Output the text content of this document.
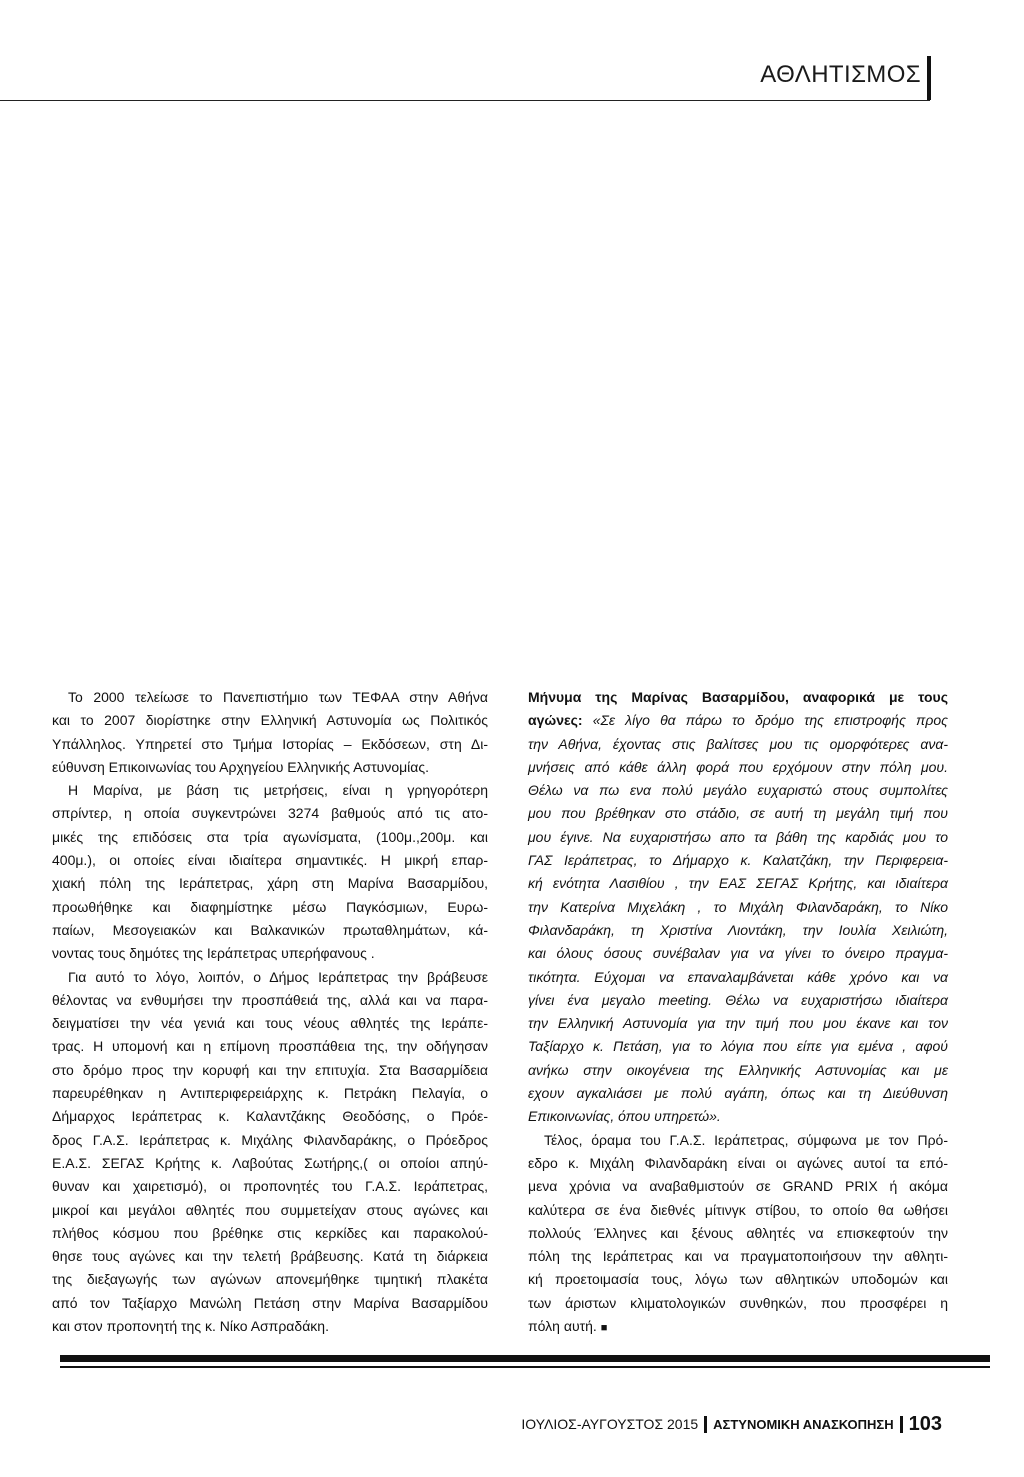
ΑΘΛΗΤΙΣΜΟΣ
Το 2000 τελείωσε το Πανεπιστήμιο των ΤΕΦΑΑ στην Αθήνα
και το 2007 διορίστηκε στην Ελληνική Αστυνομία ως Πολιτικός
Υπάλληλος. Υπηρετεί στο Τμήμα Ιστορίας – Εκδόσεων, στη Δι-
εύθυνση Επικοινωνίας του Αρχηγείου Ελληνικής Αστυνομίας.
Η Μαρίνα, με βάση τις μετρήσεις, είναι η γρηγορότερη
σπρίντερ, η οποία συγκεντρώνει 3274 βαθμούς από τις ατο-
μικές της επιδόσεις στα τρία αγωνίσματα, (100μ.,200μ. και
400μ.), οι οποίες είναι ιδιαίτερα σημαντικές. Η μικρή επαρ-
χιακή πόλη της Ιεράπετρας, χάρη στη Μαρίνα Βασαρμίδου,
προωθήθηκε και διαφημίστηκε μέσω Παγκόσμιων, Ευρω-
παίων, Μεσογειακών και Βαλκανικών πρωταθλημάτων, κά-
νοντας τους δημότες της Ιεράπετρας υπερήφανους .
Για αυτό το λόγο, λοιπόν, ο Δήμος Ιεράπετρας την βράβευσε
θέλοντας να ενθυμήσει την προσπάθειά της, αλλά και να παρα-
δειγματίσει την νέα γενιά και τους νέους αθλητές της Ιεράπε-
τρας. Η υπομονή και η επίμονη προσπάθεια της, την οδήγησαν
στο δρόμο προς την κορυφή και την επιτυχία. Στα Βασαρμίδεια
παρευρέθηκαν η Αντιπεριφερειάρχης κ. Πετράκη Πελαγία, ο
Δήμαρχος Ιεράπετρας κ. Καλαντζάκης Θεοδόσης, ο Πρόε-
δρος Γ.Α.Σ. Ιεράπετρας κ. Μιχάλης Φιλανδαράκης, ο Πρόεδρος
Ε.Α.Σ. ΣΕΓΑΣ Κρήτης κ. Λαβούτας Σωτήρης,( οι οποίοι απηύ-
θυναν και χαιρετισμό), οι προπονητές του Γ.Α.Σ. Ιεράπετρας,
μικροί και μεγάλοι αθλητές που συμμετείχαν στους αγώνες και
πλήθος κόσμου που βρέθηκε στις κερκίδες και παρακολού-
θησε τους αγώνες και την τελετή βράβευσης. Κατά τη διάρκεια
της διεξαγωγής των αγώνων απονεμήθηκε τιμητική πλακέτα
από τον Ταξίαρχο Μανώλη Πετάση στην Μαρίνα Βασαρμίδου
και στον προπονητή της κ. Νίκο Ασπραδάκη.
Μήνυμα της Μαρίνας Βασαρμίδου, αναφορικά με τους
αγώνες: «Σε λίγο θα πάρω το δρόμο της επιστροφής προς
την Αθήνα, έχοντας στις βαλίτσες μου τις ομορφότερες ανα-
μνήσεις από κάθε άλλη φορά που ερχόμουν στην πόλη μου.
Θέλω να πω ενα πολύ μεγάλο ευχαριστώ στους συμπολίτες
μου που βρέθηκαν στο στάδιο, σε αυτή τη μεγάλη τιμή που
μου έγινε. Να ευχαριστήσω απο τα βάθη της καρδιάς μου το
ΓΑΣ Ιεράπετρας, το Δήμαρχο κ. Καλατζάκη, την Περιφερεια-
κή ενότητα Λασιθίου , την ΕΑΣ ΣΕΓΑΣ Κρήτης, και ιδιαίτερα
την Κατερίνα Μιχελάκη , το Μιχάλη Φιλανδαράκη, το Νίκο
Φιλανδαράκη, τη Χριστίνα Λιοντάκη, την Ιουλία Χειλιώτη,
και όλους όσους συνέβαλαν για να γίνει το όνειρο πραγμα-
τικότητα. Εύχομαι να επαναλαμβάνεται κάθε χρόνο και να
γίνει ένα μεγαλο meeting. Θέλω να ευχαριστήσω ιδιαίτερα
την Ελληνική Αστυνομία για την τιμή που μου έκανε και τον
Ταξίαρχο κ. Πετάση, για το λόγια που είπε για εμένα , αφού
ανήκω στην οικογένεια της Ελληνικής Αστυνομίας και με
εχουν αγκαλιάσει με πολύ αγάπη, όπως και τη Διεύθυνση
Επικοινωνίας, όπου υπηρετώ».
Τέλος, όραμα του Γ.Α.Σ. Ιεράπετρας, σύμφωνα με τον Πρό-
εδρο κ. Μιχάλη Φιλανδαράκη είναι οι αγώνες αυτοί τα επό-
μενα χρόνια να αναβαθμιστούν σε GRAND PRIX ή ακόμα
καλύτερα σε ένα διεθνές μίτινγκ στίβου, το οποίο θα ωθήσει
πολλούς Έλληνες και ξένους αθλητές να επισκεφτούν την
πόλη της Ιεράπετρας και να πραγματοποιήσουν την αθλητι-
κή προετοιμασία τους, λόγω των αθλητικών υποδομών και
των άριστων κλιματολογικών συνθηκών, που προσφέρει η
πόλη αυτή. ■
ΙΟΥΛΙΟΣ-ΑΥΓΟΥΣΤΟΣ 2015 ΑΣΤΥΝΟΜΙΚΗ ΑΝΑΣΚΟΠΗΣΗ 103
